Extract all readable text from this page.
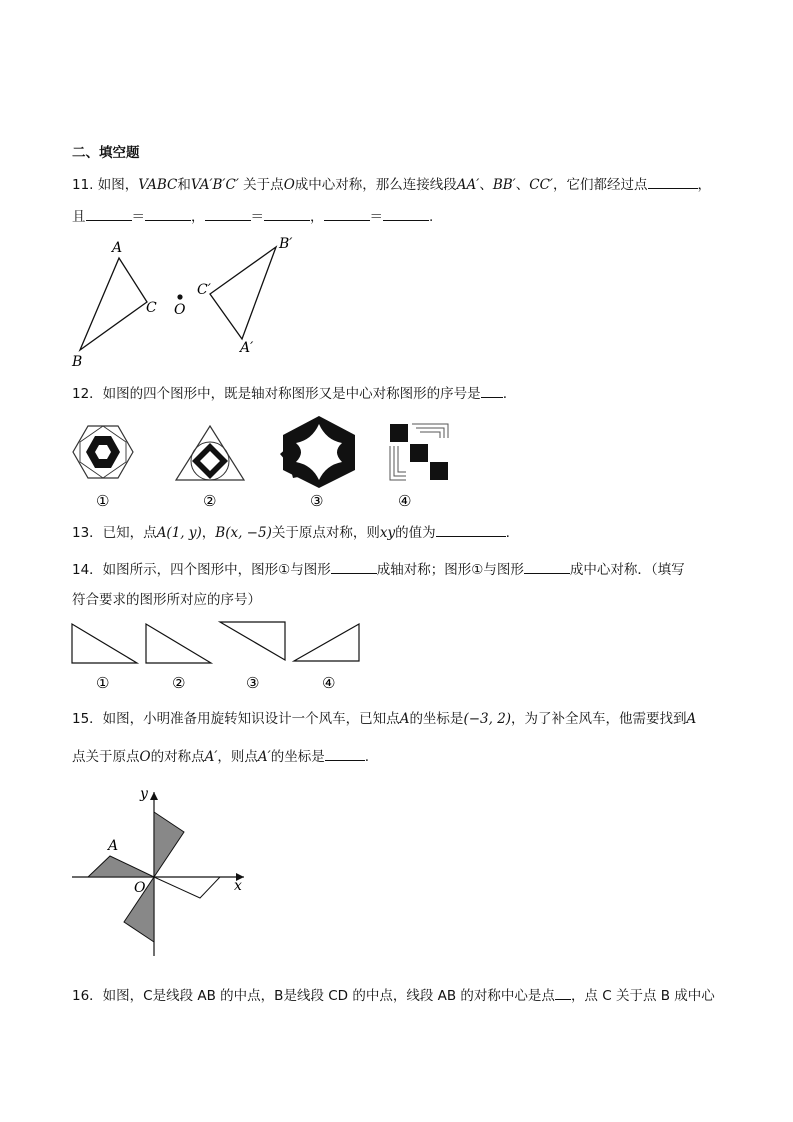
二、填空题
11. 如图，VABC和VA′B′C′ 关于点O成中心对称，那么连接线段AA′、BB′、CC′，它们都经过点	，
且	＝	，	＝	，	＝	.
A
B
C O
B′
C′
A′
12．如图的四个图形中，既是轴对称图形又是中心对称图形的序号是 .
①	②	③	④
13．已知，点A(1, y)，B(x, −5)关于原点对称，则xy的值为	.
14．如图所示，四个图形中，图形①与图形	成轴对称；图形①与图形	成中心对称．（填写
符合要求的图形所对应的序号）
①	②	③	④
15．如图，小明准备用旋转知识设计一个风车，已知点A的坐标是(−3, 2)，为了补全风车，他需要找到A
点关于原点O的对称点A′，则点A′的坐标是	.
y
x
A
O
16．如图，C是线段 AB 的中点，B是线段 CD 的中点，线段 AB 的对称中心是点 ，点 C 关于点 B 成中心
